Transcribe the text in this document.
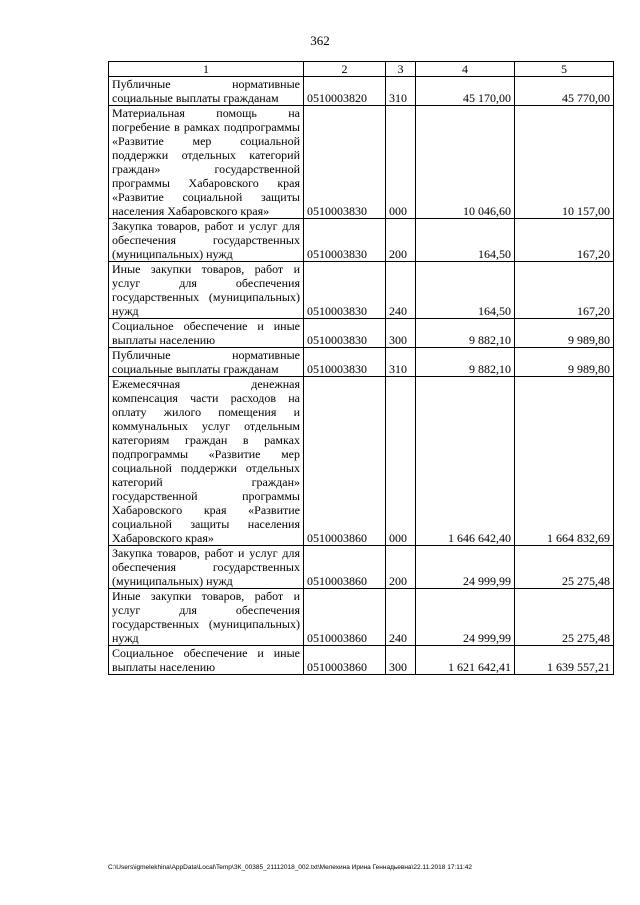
362
1	2	3	4	5
Публичные нормативные социальные выплаты гражданам	0510003820	310	45 170,00	45 770,00
Материальная помощь на погребение в рамках подпрограммы «Развитие мер социальной поддержки отдельных категорий граждан» государственной программы Хабаровского края «Развитие социальной защиты населения Хабаровского края»	0510003830	000	10 046,60	10 157,00
Закупка товаров, работ и услуг для обеспечения государственных (муниципальных) нужд	0510003830	200	164,50	167,20
Иные закупки товаров, работ и услуг для обеспечения государственных (муниципальных) нужд	0510003830	240	164,50	167,20
Социальное обеспечение и иные выплаты населению	0510003830	300	9 882,10	9 989,80
Публичные нормативные социальные выплаты гражданам	0510003830	310	9 882,10	9 989,80
Ежемесячная денежная компенсация части расходов на оплату жилого помещения и коммунальных услуг отдельным категориям граждан в рамках подпрограммы «Развитие мер социальной поддержки отдельных категорий граждан» государственной программы Хабаровского края «Развитие социальной защиты населения Хабаровского края»	0510003860	000	1 646 642,40	1 664 832,69
Закупка товаров, работ и услуг для обеспечения государственных (муниципальных) нужд	0510003860	200	24 999,99	25 275,48
Иные закупки товаров, работ и услуг для обеспечения государственных (муниципальных) нужд	0510003860	240	24 999,99	25 275,48
Социальное обеспечение и иные выплаты населению	0510003860	300	1 621 642,41	1 639 557,21
C:\Users\igmelekhina\AppData\Local\Temp\ЗК_00385_21112018_002.txt\Мелехина Ирина Геннадьевна\22.11.2018 17:11:42
